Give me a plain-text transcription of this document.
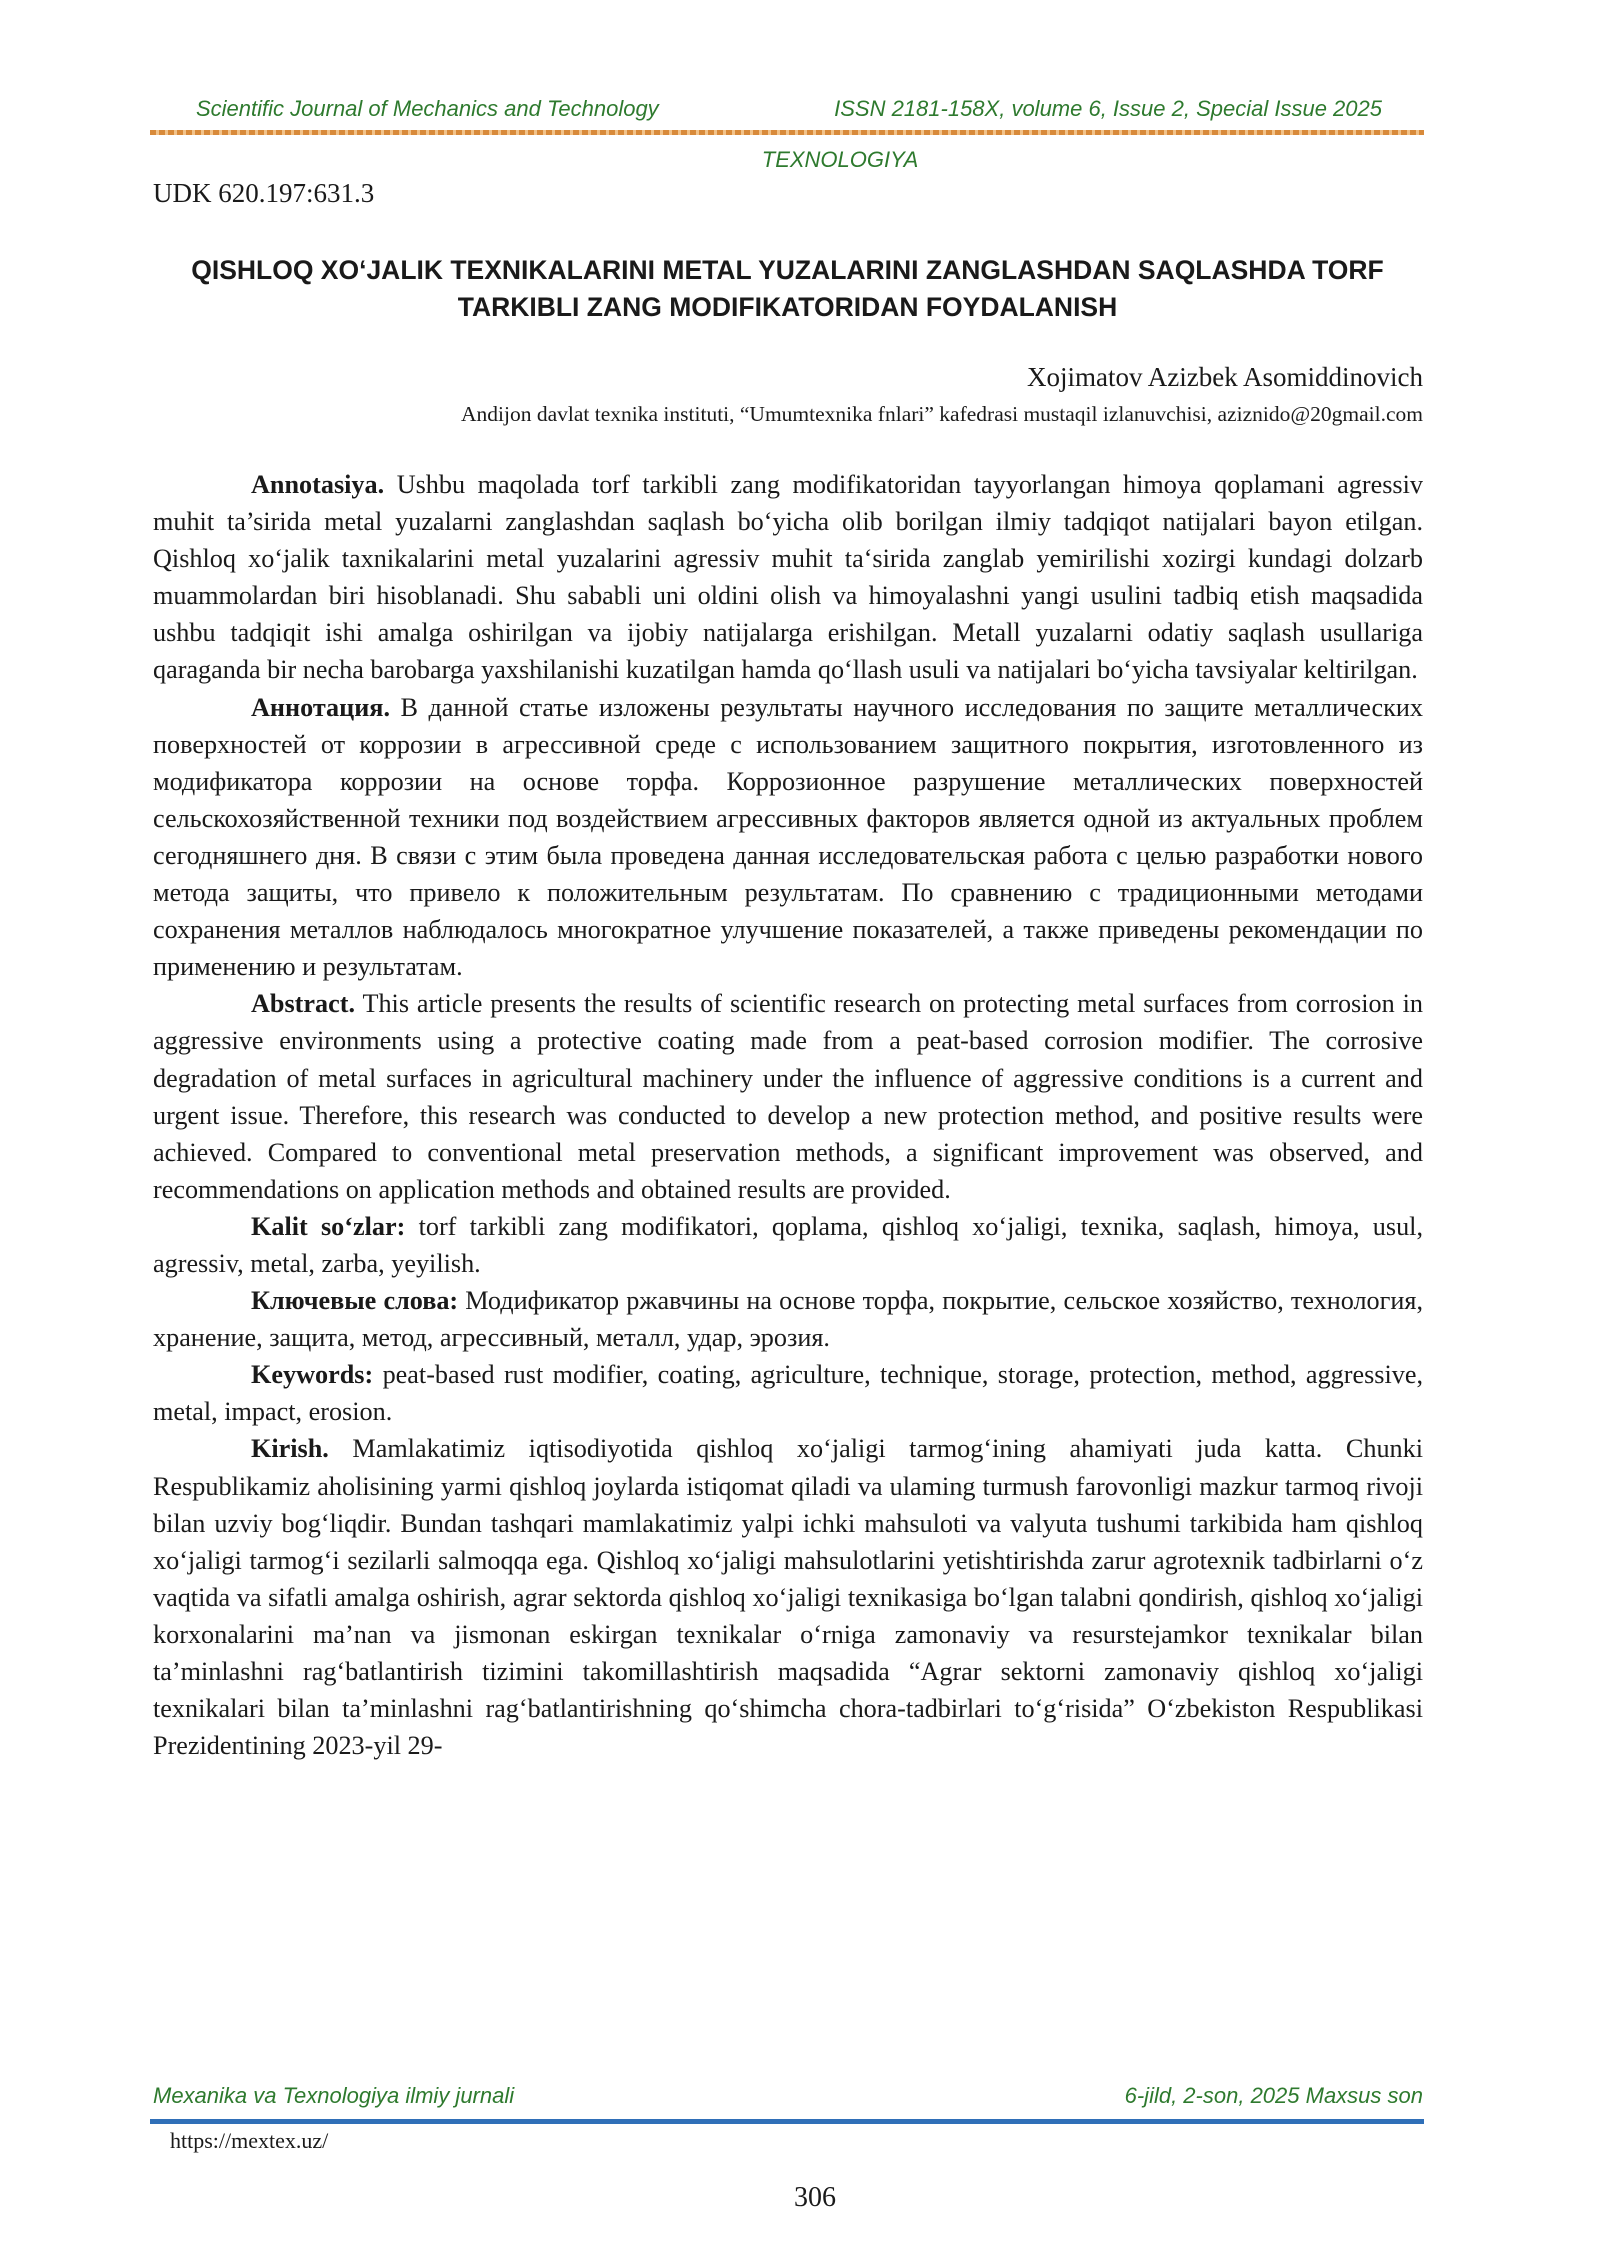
Scientific Journal of Mechanics and Technology	ISSN 2181-158X, volume 6, Issue 2, Special Issue 2025
TEXNOLOGIYA
UDK 620.197:631.3
QISHLOQ XO‘JALIK TEXNIKALARINI METAL YUZALARINI ZANGLASHDAN SAQLASHDA TORF TARKIBLI ZANG MODIFIKATORIDAN FOYDALANISH
Xojimatov Azizbek Asomiddinovich
Andijon davlat texnika instituti, “Umumtexnika fnlari” kafedrasi mustaqil izlanuvchisi, aziznido@20gmail.com

Annotasiya. Ushbu maqolada torf tarkibli zang modifikatoridan tayyorlangan himoya qoplamani agressiv muhit ta’sirida metal yuzalarni zanglashdan saqlash bo‘yicha olib borilgan ilmiy tadqiqot natijalari bayon etilgan. Qishloq xo‘jalik taxnikalarini metal yuzalarini agressiv muhit ta‘sirida zanglab yemirilishi xozirgi kundagi dolzarb muammolardan biri hisoblanadi. Shu sababli uni oldini olish va himoyalashni yangi usulini tadbiq etish maqsadida ushbu tadqiqit ishi amalga oshirilgan va ijobiy natijalarga erishilgan. Metall yuzalarni odatiy saqlash usullariga qaraganda bir necha barobarga yaxshilanishi kuzatilgan hamda qo‘llash usuli va natijalari bo‘yicha tavsiyalar keltirilgan.

Аннотация. В данной статье изложены результаты научного исследования по защите металлических поверхностей от коррозии в агрессивной среде с использованием защитного покрытия, изготовленного из модификатора коррозии на основе торфа. Коррозионное разрушение металлических поверхностей сельскохозяйственной техники под воздействием агрессивных факторов является одной из актуальных проблем сегодняшнего дня. В связи с этим была проведена данная исследовательская работа с целью разработки нового метода защиты, что привело к положительным результатам. По сравнению с традиционными методами сохранения металлов наблюдалось многократное улучшение показателей, а также приведены рекомендации по применению и результатам.

Abstract. This article presents the results of scientific research on protecting metal surfaces from corrosion in aggressive environments using a protective coating made from a peat-based corrosion modifier. The corrosive degradation of metal surfaces in agricultural machinery under the influence of aggressive conditions is a current and urgent issue. Therefore, this research was conducted to develop a new protection method, and positive results were achieved. Compared to conventional metal preservation methods, a significant improvement was observed, and recommendations on application methods and obtained results are provided.

Kalit so‘zlar: torf tarkibli zang modifikatori, qoplama, qishloq xo‘jaligi, texnika, saqlash, himoya, usul, agressiv, metal, zarba, yeyilish.

Ключевые слова: Модификатор ржавчины на основе торфа, покрытие, сельское хозяйство, технология, хранение, защита, метод, агрессивный, металл, удар, эрозия.

Keywords: peat-based rust modifier, coating, agriculture, technique, storage, protection, method, aggressive, metal, impact, erosion.

Kirish. Mamlakatimiz iqtisodiyotida qishloq xo‘jaligi tarmog‘ining ahamiyati juda katta. Chunki Respublikamiz aholisining yarmi qishloq joylarda istiqomat qiladi va ulaming turmush farovonligi mazkur tarmoq rivoji bilan uzviy bog‘liqdir. Bundan tashqari mamlakatimiz yalpi ichki mahsuloti va valyuta tushumi tarkibida ham qishloq xo‘jaligi tarmog‘i sezilarli salmoqqa ega. Qishloq xo‘jaligi mahsulotlarini yetishtirishda zarur agrotexnik tadbirlarni o‘z vaqtida va sifatli amalga oshirish, agrar sektorda qishloq xo‘jaligi texnikasiga bo‘lgan talabni qondirish, qishloq xo‘jaligi korxonalarini ma’nan va jismonan eskirgan texnikalar o‘rniga zamonaviy va resurstejamkor texnikalar bilan ta’minlashni rag‘batlantirish tizimini takomillashtirish maqsadida “Agrar sektorni zamonaviy qishloq xo‘jaligi texnikalari bilan ta’minlashni rag‘batlantirishning qo‘shimcha chora-tadbirlari to‘g‘risida” O‘zbekiston Respublikasi Prezidentining 2023-yil 29-

Mexanika va Texnologiya ilmiy jurnali	6-jild, 2-son, 2025 Maxsus son
https://mextex.uz/
306
